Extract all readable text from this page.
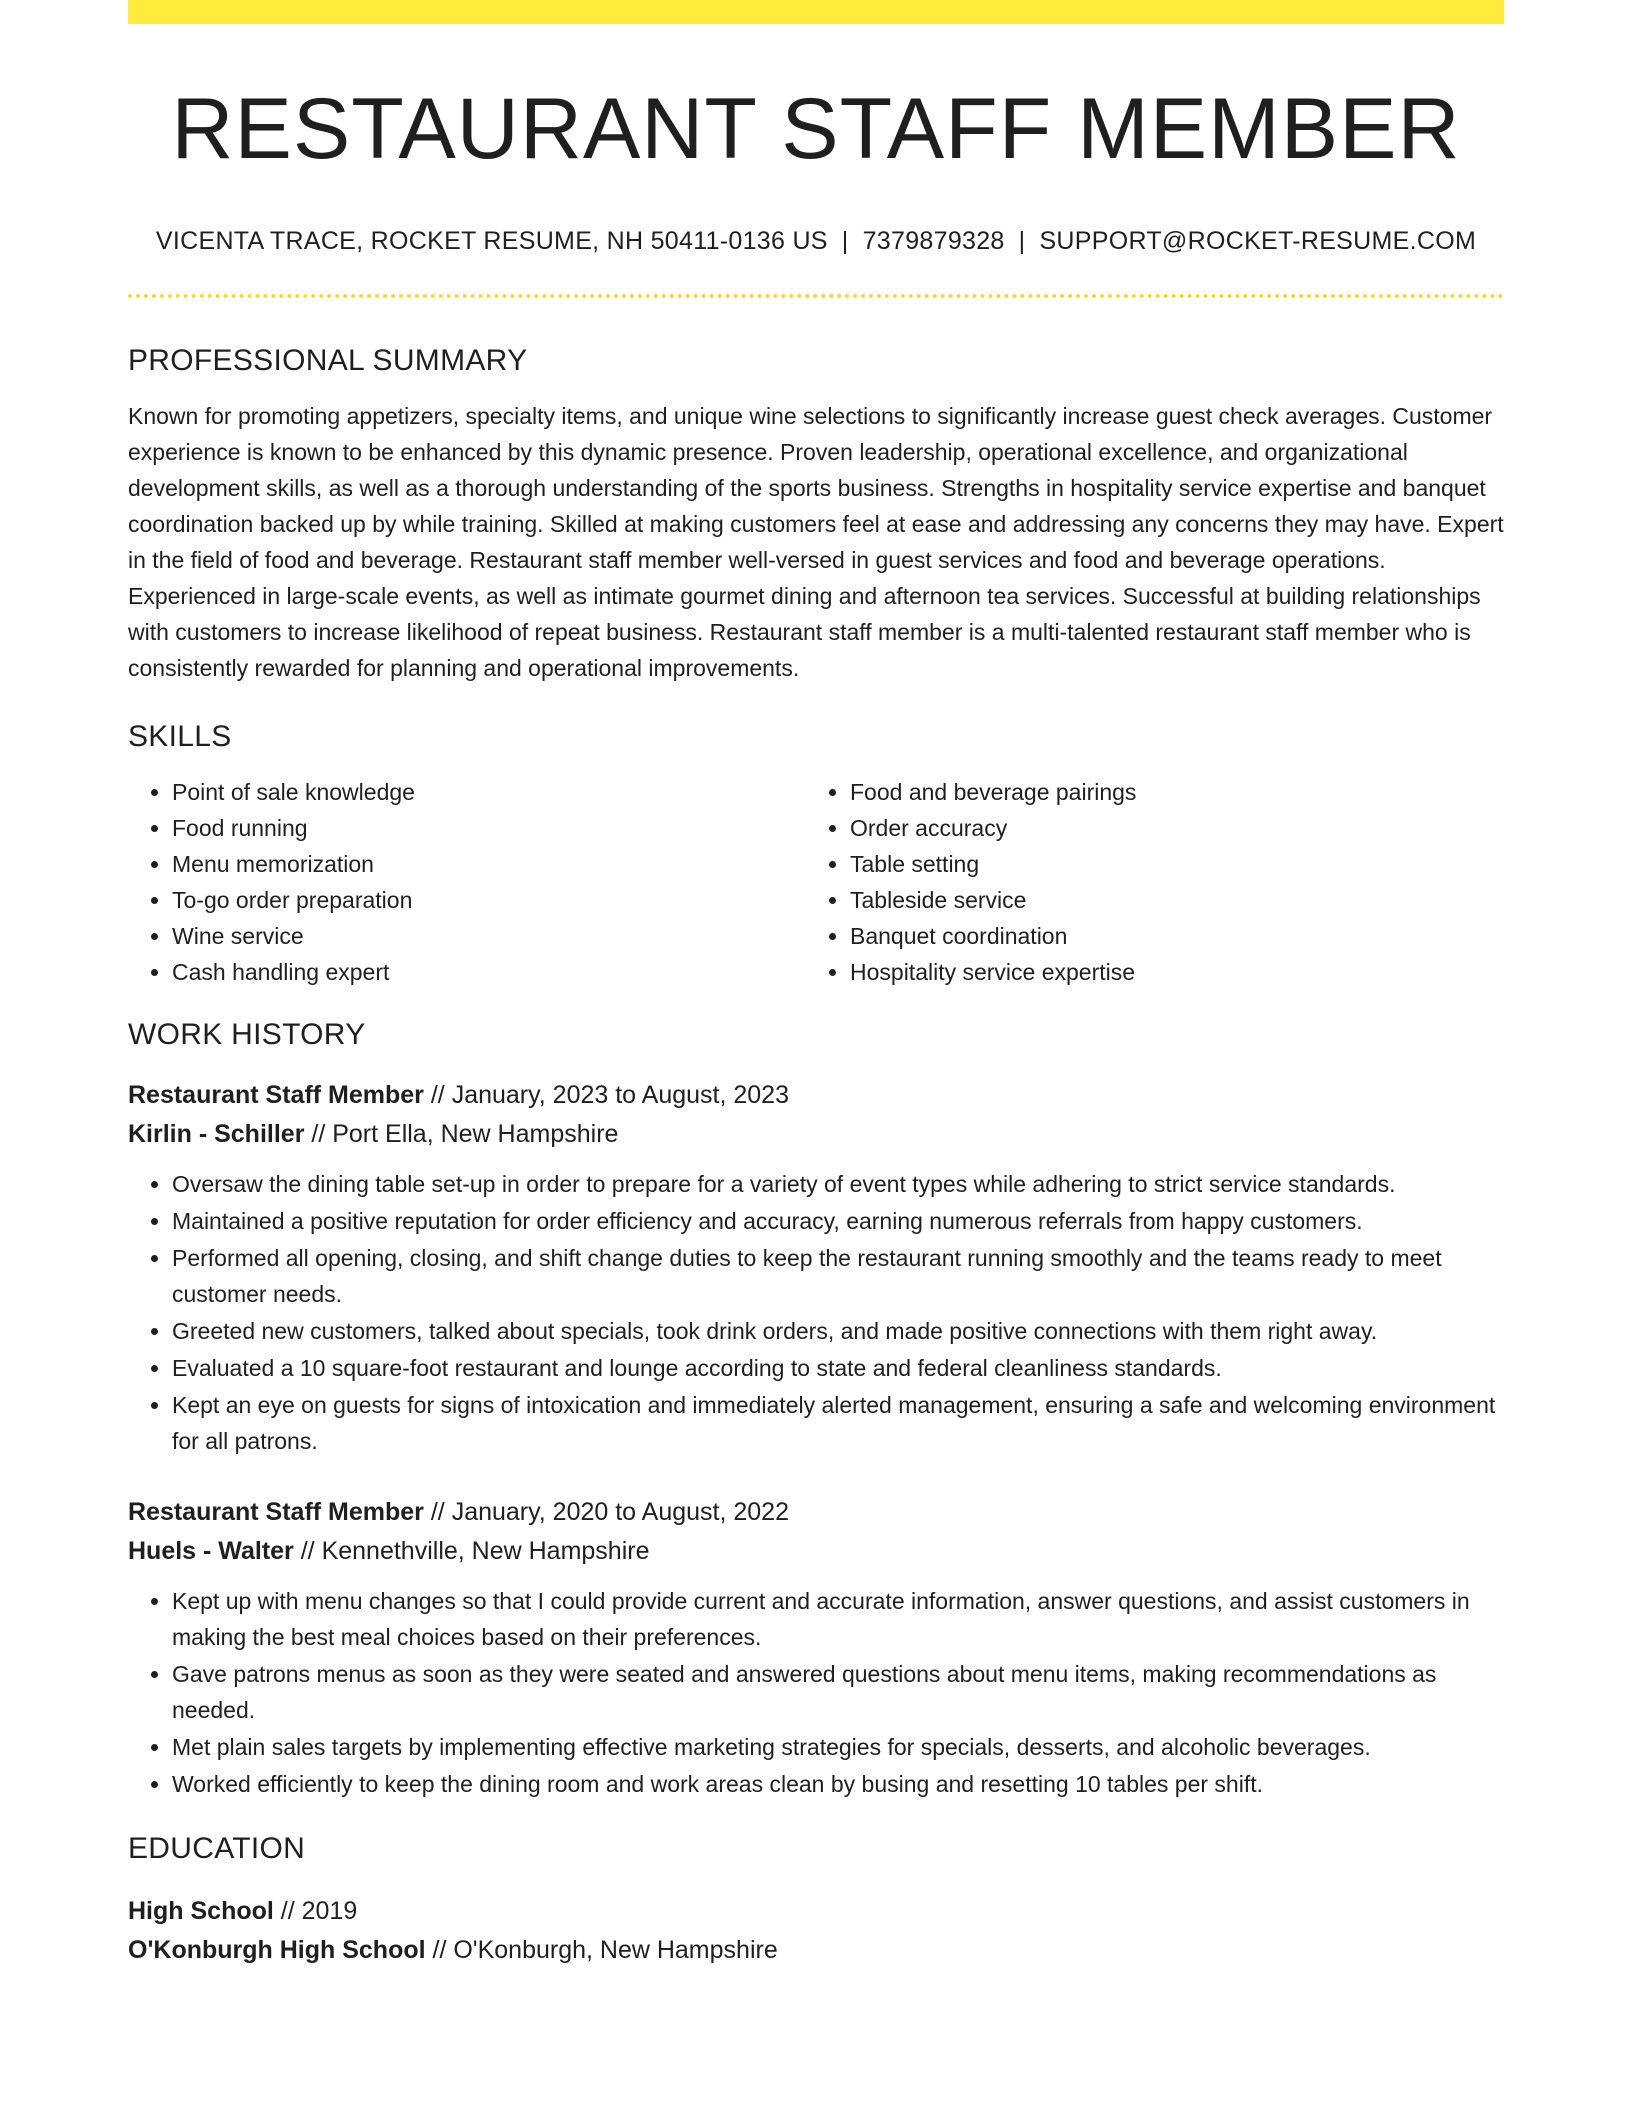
RESTAURANT STAFF MEMBER
VICENTA TRACE, ROCKET RESUME, NH 50411-0136 US | 7379879328 | SUPPORT@ROCKET-RESUME.COM
PROFESSIONAL SUMMARY

Known for promoting appetizers, specialty items, and unique wine selections to significantly increase guest check averages. Customer experience is known to be enhanced by this dynamic presence. Proven leadership, operational excellence, and organizational development skills, as well as a thorough understanding of the sports business. Strengths in hospitality service expertise and banquet coordination backed up by while training. Skilled at making customers feel at ease and addressing any concerns they may have. Expert in the field of food and beverage. Restaurant staff member well-versed in guest services and food and beverage operations. Experienced in large-scale events, as well as intimate gourmet dining and afternoon tea services. Successful at building relationships with customers to increase likelihood of repeat business. Restaurant staff member is a multi-talented restaurant staff member who is consistently rewarded for planning and operational improvements.

SKILLS
• Point of sale knowledge
• Food running
• Menu memorization
• To-go order preparation
• Wine service
• Cash handling expert
• Food and beverage pairings
• Order accuracy
• Table setting
• Tableside service
• Banquet coordination
• Hospitality service expertise
WORK HISTORY
Restaurant Staff Member // January, 2023 to August, 2023
Kirlin - Schiller // Port Ella, New Hampshire
• Oversaw the dining table set-up in order to prepare for a variety of event types while adhering to strict service standards.
• Maintained a positive reputation for order efficiency and accuracy, earning numerous referrals from happy customers.
• Performed all opening, closing, and shift change duties to keep the restaurant running smoothly and the teams ready to meet customer needs.
• Greeted new customers, talked about specials, took drink orders, and made positive connections with them right away.
• Evaluated a 10 square-foot restaurant and lounge according to state and federal cleanliness standards.
• Kept an eye on guests for signs of intoxication and immediately alerted management, ensuring a safe and welcoming environment for all patrons.
Restaurant Staff Member // January, 2020 to August, 2022
Huels - Walter // Kennethville, New Hampshire
• Kept up with menu changes so that I could provide current and accurate information, answer questions, and assist customers in making the best meal choices based on their preferences.
• Gave patrons menus as soon as they were seated and answered questions about menu items, making recommendations as needed.
• Met plain sales targets by implementing effective marketing strategies for specials, desserts, and alcoholic beverages.
• Worked efficiently to keep the dining room and work areas clean by busing and resetting 10 tables per shift.
EDUCATION
High School // 2019
O'Konburgh High School // O'Konburgh, New Hampshire
